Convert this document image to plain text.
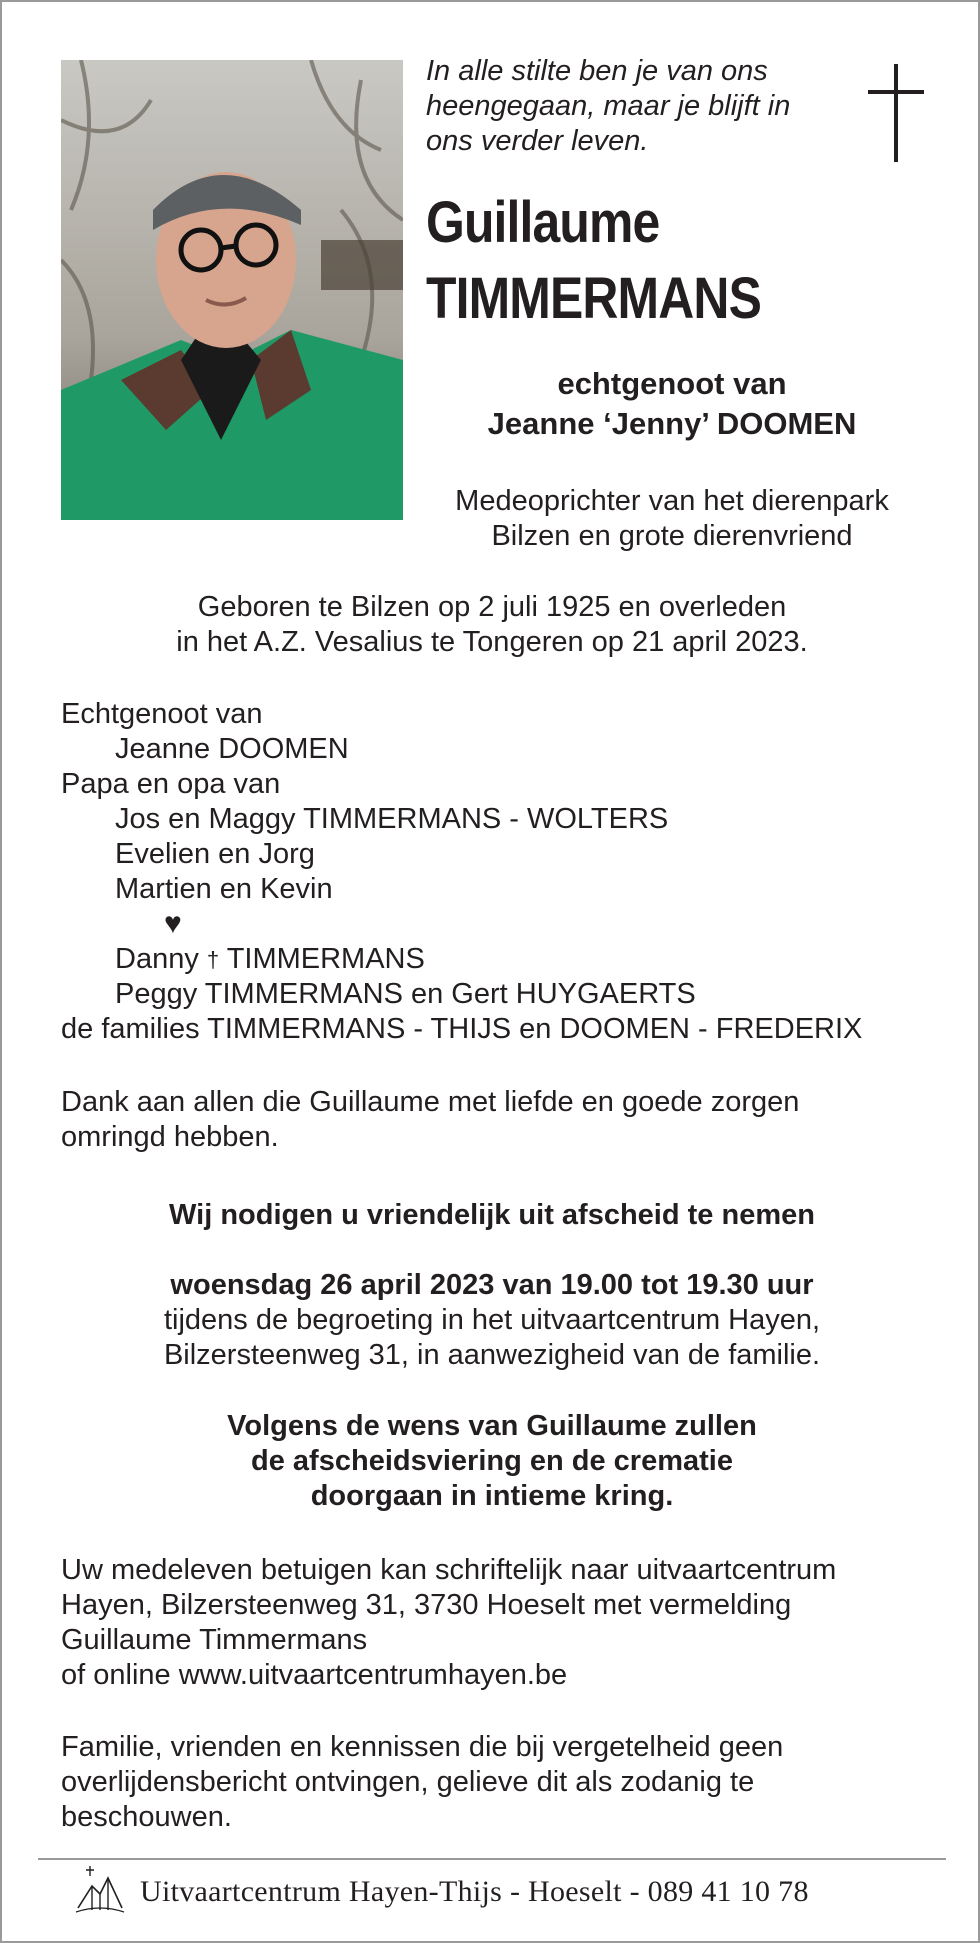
In alle stilte ben je van ons
heengegaan, maar je blijft in
ons verder leven.
Guillaume
TIMMERMANS
echtgenoot van
Jeanne ‘Jenny’ DOOMEN
Medeoprichter van het dierenpark
Bilzen en grote dierenvriend
Geboren te Bilzen op 2 juli 1925 en overleden
in het A.Z. Vesalius te Tongeren op 21 april 2023.
Echtgenoot van
Jeanne DOOMEN
Papa en opa van
Jos en Maggy TIMMERMANS - WOLTERS
Evelien en Jorg
Martien en Kevin
♥
Danny † TIMMERMANS
Peggy TIMMERMANS en Gert HUYGAERTS
de families TIMMERMANS - THIJS en DOOMEN - FREDERIX
Dank aan allen die Guillaume met liefde en goede zorgen
omringd hebben.
Wij nodigen u vriendelijk uit afscheid te nemen
woensdag 26 april 2023 van 19.00 tot 19.30 uur
tijdens de begroeting in het uitvaartcentrum Hayen,
Bilzersteenweg 31, in aanwezigheid van de familie.
Volgens de wens van Guillaume zullen
de afscheidsviering en de crematie
doorgaan in intieme kring.
Uw medeleven betuigen kan schriftelijk naar uitvaartcentrum
Hayen, Bilzersteenweg 31, 3730 Hoeselt met vermelding
Guillaume Timmermans
of online www.uitvaartcentrumhayen.be
Familie, vrienden en kennissen die bij vergetelheid geen
overlijdensbericht ontvingen, gelieve dit als zodanig te
beschouwen.
Uitvaartcentrum Hayen-Thijs - Hoeselt - 089 41 10 78
